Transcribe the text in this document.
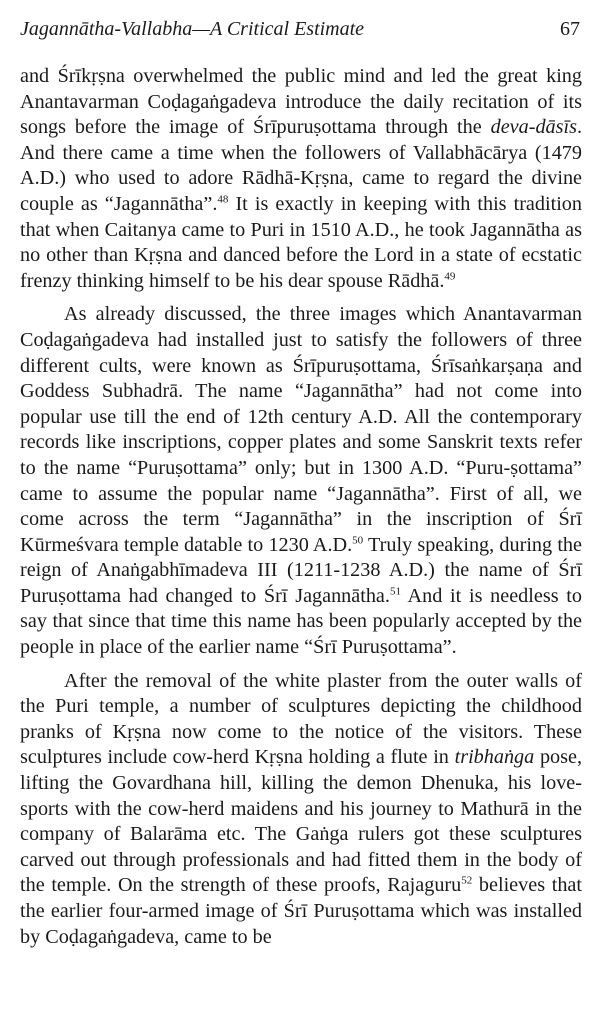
Jagannātha-Vallabha—A Critical Estimate	67

and Śrīkṛṣna overwhelmed the public mind and led the great king Anantavarman Coḍagaṅgadeva introduce the daily recitation of its songs before the image of Śrīpuruṣottama through the deva-dāsīs. And there came a time when the followers of Vallabhācārya (1479 A.D.) who used to adore Rādhā-Kṛṣna, came to regard the divine couple as “Jagannātha”.$^{48}$ It is exactly in keeping with this tradition that when Caitanya came to Puri in 1510 A.D., he took Jagannātha as no other than Kṛṣna and danced before the Lord in a state of ecstatic frenzy thinking himself to be his dear spouse Rādhā.$^{49}$

As already discussed, the three images which Anantavarman Coḍagaṅgadeva had installed just to satisfy the followers of three different cults, were known as Śrīpuruṣottama, Śrīsaṅkarṣaṇa and Goddess Subhadrā. The name “Jagannātha” had not come into popular use till the end of 12th century A.D. All the contemporary records like inscriptions, copper plates and some Sanskrit texts refer to the name “Puruṣottama” only; but in 1300 A.D. “Puru-ṣottama” came to assume the popular name “Jagannātha”. First of all, we come across the term “Jagannātha” in the inscription of Śrī Kūrmeśvara temple datable to 1230 A.D.$^{50}$ Truly speaking, during the reign of Anaṅgabhīmadeva III (1211-1238 A.D.) the name of Śrī Puruṣottama had changed to Śrī Jagannātha.$^{51}$ And it is needless to say that since that time this name has been popularly accepted by the people in place of the earlier name “Śrī Puruṣottama”.

After the removal of the white plaster from the outer walls of the Puri temple, a number of sculptures depicting the childhood pranks of Kṛṣna now come to the notice of the visitors. These sculptures include cow-herd Kṛṣna holding a flute in tribhaṅga pose, lifting the Govardhana hill, killing the demon Dhenuka, his love-sports with the cow-herd maidens and his journey to Mathurā in the company of Balarāma etc. The Gaṅga rulers got these sculptures carved out through professionals and had fitted them in the body of the temple. On the strength of these proofs, Rajaguru$^{52}$ believes that the earlier four-armed image of Śrī Puruṣottama which was installed by Coḍagaṅgadeva, came to be
